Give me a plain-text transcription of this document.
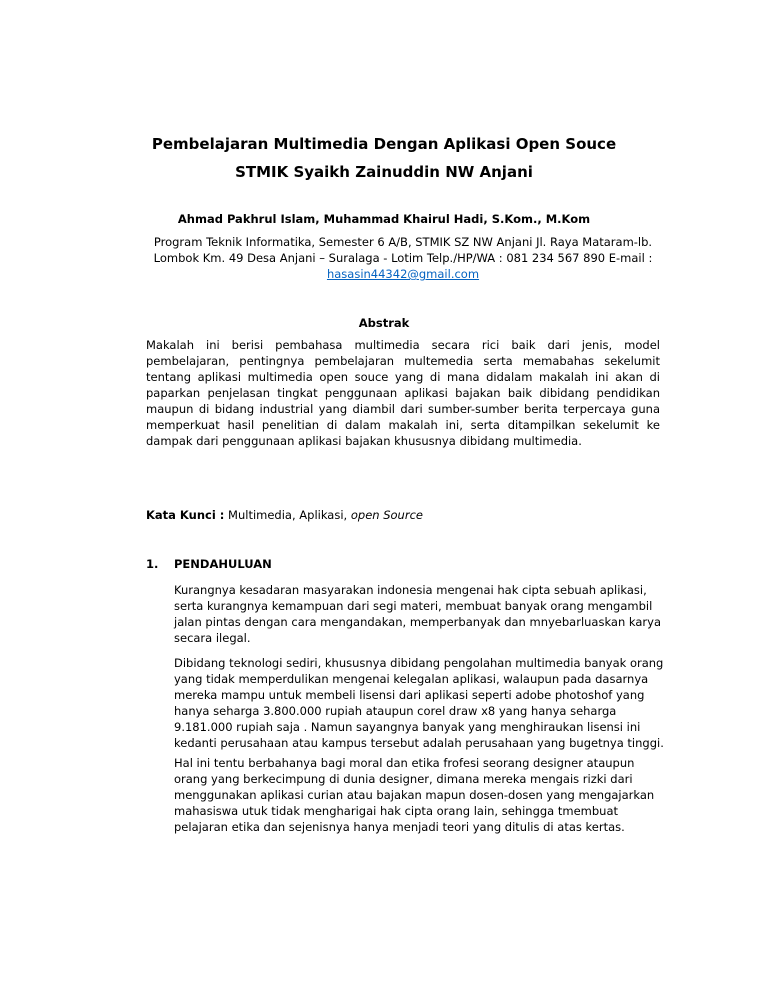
Pembelajaran Multimedia Dengan Aplikasi Open Souce
STMIK Syaikh Zainuddin NW Anjani
Ahmad Pakhrul Islam, Muhammad Khairul Hadi, S.Kom., M.Kom
Program Teknik Informatika, Semester 6 A/B, STMIK SZ NW Anjani Jl. Raya Mataram-lb. Lombok Km. 49 Desa Anjani – Suralaga - Lotim Telp./HP/WA : 081 234 567 890 E-mail :
hasasin44342@gmail.com
Abstrak
Makalah ini berisi pembahasa multimedia secara rici baik dari jenis, model pembelajaran, pentingnya pembelajaran multemedia serta memabahas sekelumit tentang aplikasi multimedia open souce yang di mana didalam makalah ini akan di paparkan penjelasan tingkat penggunaan aplikasi bajakan baik dibidang pendidikan maupun di bidang industrial yang diambil dari sumber-sumber berita terpercaya guna memperkuat hasil penelitian di dalam makalah ini, serta ditampilkan sekelumit ke dampak dari penggunaan aplikasi bajakan khususnya dibidang multimedia.
Kata Kunci : Multimedia, Aplikasi, open Source
1. PENDAHULUAN
Kurangnya kesadaran masyarakan indonesia mengenai hak cipta sebuah aplikasi, serta kurangnya kemampuan dari segi materi, membuat banyak orang mengambil jalan pintas dengan cara mengandakan, memperbanyak dan mnyebarluaskan karya secara ilegal.
Dibidang teknologi sediri, khususnya dibidang pengolahan multimedia banyak orang yang tidak memperdulikan mengenai kelegalan aplikasi, walaupun pada dasarnya mereka mampu untuk membeli lisensi dari aplikasi seperti adobe photoshof yang hanya seharga 3.800.000 rupiah ataupun corel draw x8 yang hanya seharga 9.181.000 rupiah saja . Namun sayangnya banyak yang menghiraukan lisensi ini kedanti perusahaan atau kampus tersebut adalah perusahaan yang bugetnya tinggi.
Hal ini tentu berbahanya bagi moral dan etika frofesi seorang designer ataupun orang yang berkecimpung di dunia designer, dimana mereka mengais rizki dari menggunakan aplikasi curian atau bajakan mapun dosen-dosen yang mengajarkan mahasiswa utuk tidak mengharigai hak cipta orang lain, sehingga tmembuat pelajaran etika dan sejenisnya hanya menjadi teori yang ditulis di atas kertas.
